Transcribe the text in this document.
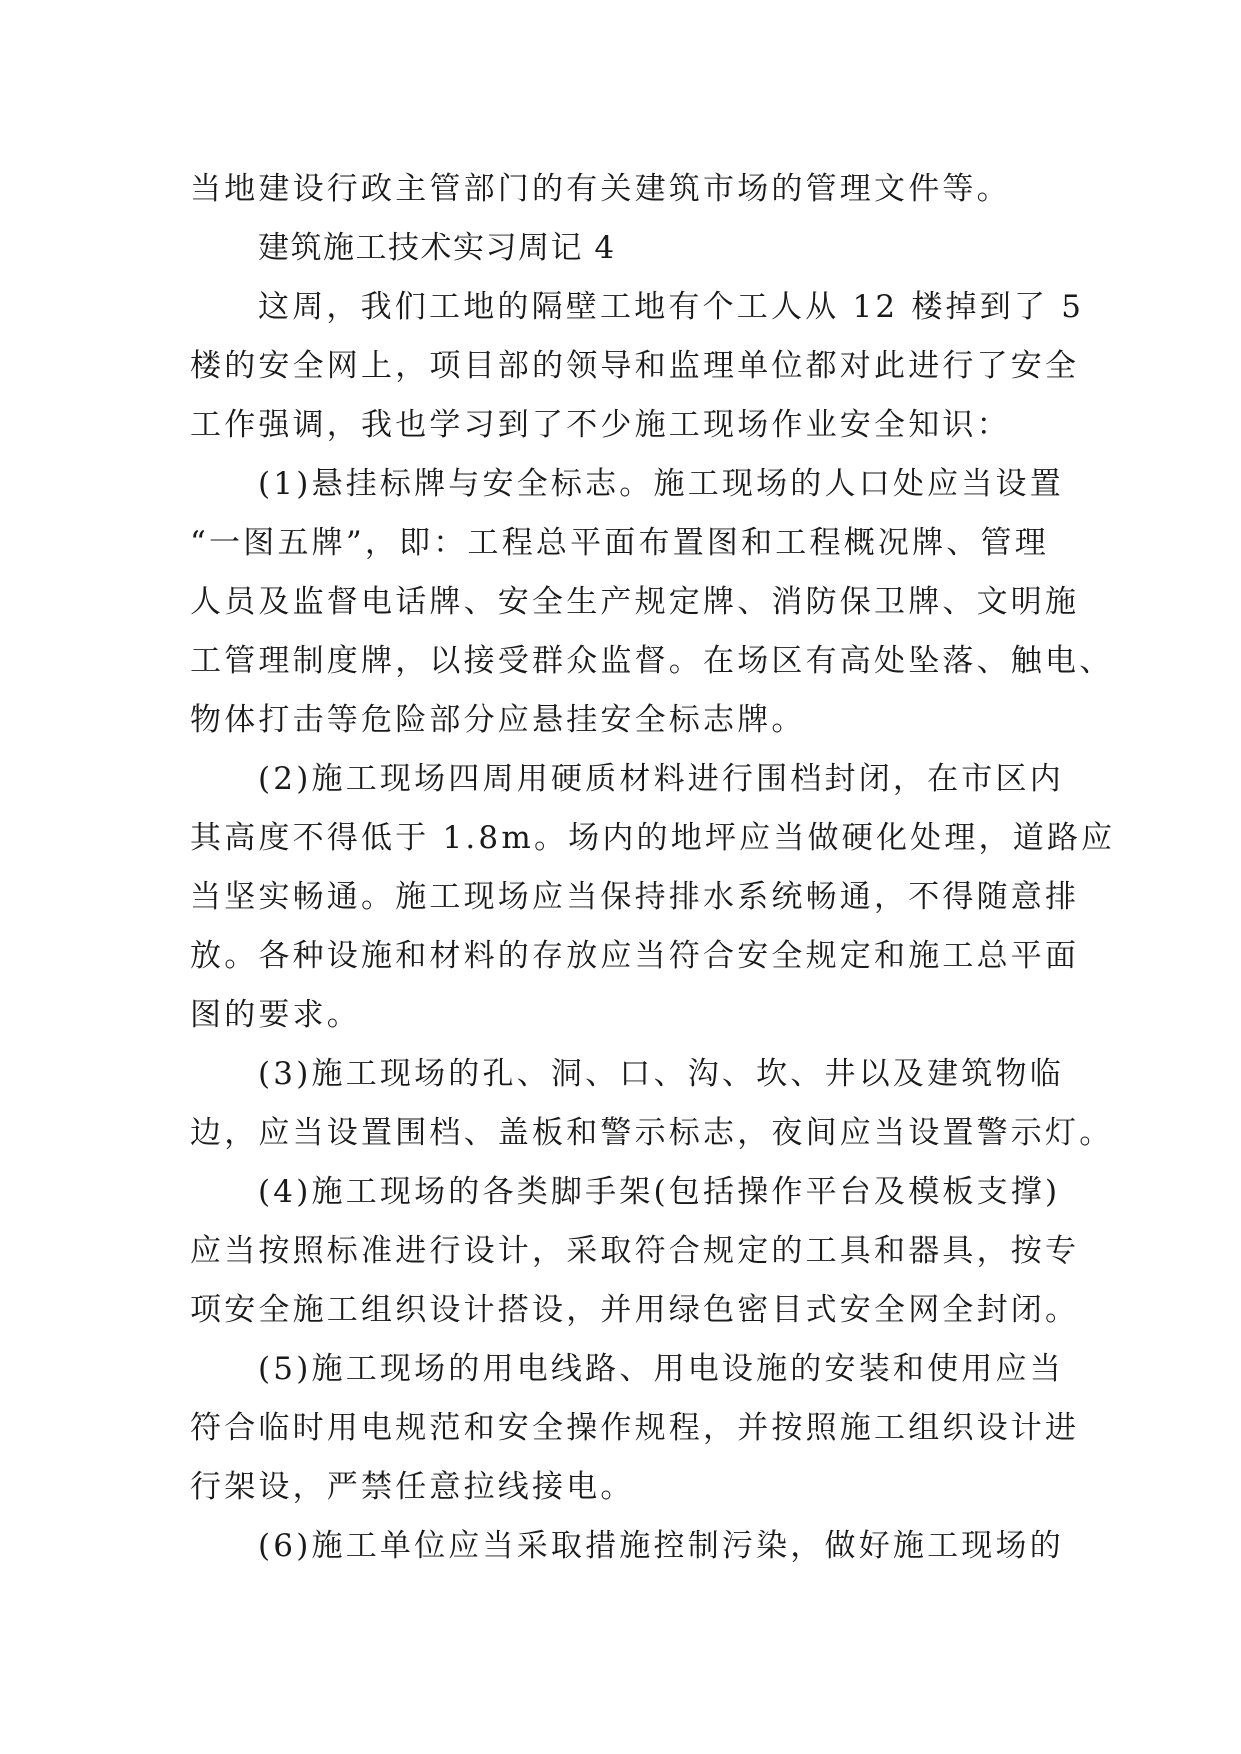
当地建设行政主管部门的有关建筑市场的管理文件等。
建筑施工技术实习周记 4
这周，我们工地的隔壁工地有个工人从 12 楼掉到了 5
楼的安全网上，项目部的领导和监理单位都对此进行了安全
工作强调，我也学习到了不少施工现场作业安全知识：
(1)悬挂标牌与安全标志。施工现场的人口处应当设置
“一图五牌”，即：工程总平面布置图和工程概况牌、管理
人员及监督电话牌、安全生产规定牌、消防保卫牌、文明施
工管理制度牌，以接受群众监督。在场区有高处坠落、触电、
物体打击等危险部分应悬挂安全标志牌。
(2)施工现场四周用硬质材料进行围档封闭，在市区内
其高度不得低于 1.8m。场内的地坪应当做硬化处理，道路应
当坚实畅通。施工现场应当保持排水系统畅通，不得随意排
放。各种设施和材料的存放应当符合安全规定和施工总平面
图的要求。
(3)施工现场的孔、洞、口、沟、坎、井以及建筑物临
边，应当设置围档、盖板和警示标志，夜间应当设置警示灯。
(4)施工现场的各类脚手架(包括操作平台及模板支撑)
应当按照标准进行设计，采取符合规定的工具和器具，按专
项安全施工组织设计搭设，并用绿色密目式安全网全封闭。
(5)施工现场的用电线路、用电设施的安装和使用应当
符合临时用电规范和安全操作规程，并按照施工组织设计进
行架设，严禁任意拉线接电。
(6)施工单位应当采取措施控制污染，做好施工现场的
